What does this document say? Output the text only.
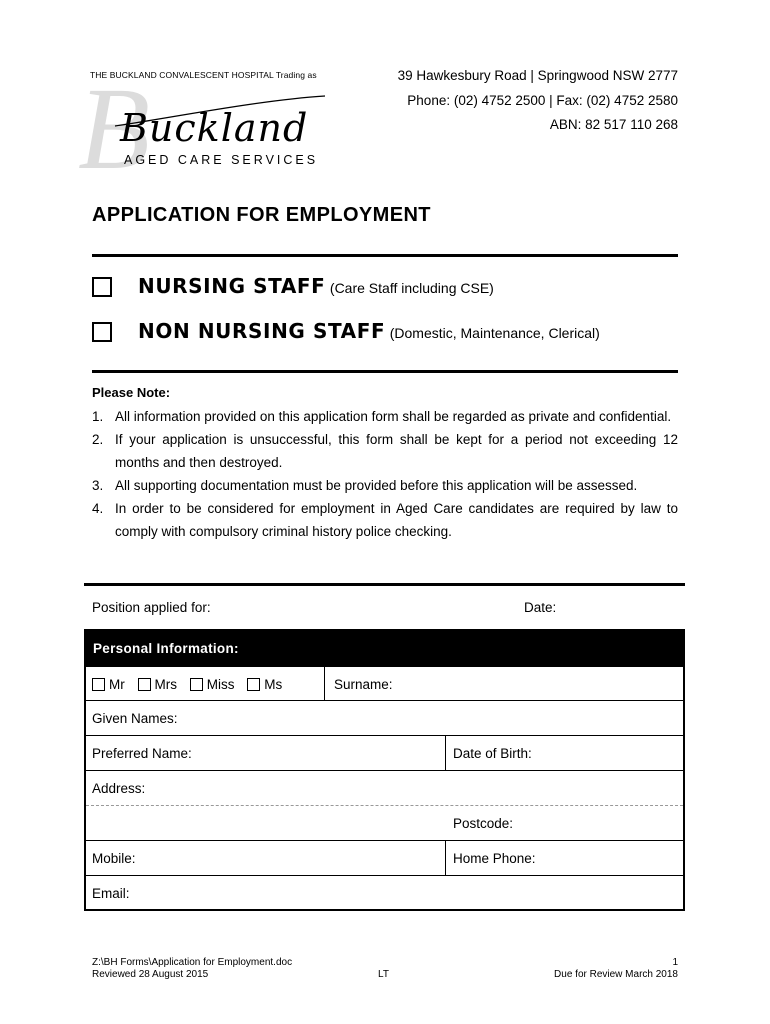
THE BUCKLAND CONVALESCENT HOSPITAL Trading as
B
Buckland
AGED CARE SERVICES
39 Hawkesbury Road | Springwood NSW 2777
Phone: (02) 4752 2500 | Fax: (02) 4752 2580
ABN: 82 517 110 268
APPLICATION FOR EMPLOYMENT
NURSING STAFF (Care Staff including CSE)
NON NURSING STAFF (Domestic, Maintenance, Clerical)
Please Note:
1. All information provided on this application form shall be regarded as private and confidential.
2. If your application is unsuccessful, this form shall be kept for a period not exceeding 12 months and then destroyed.
3. All supporting documentation must be provided before this application will be assessed.
4. In order to be considered for employment in Aged Care candidates are required by law to comply with compulsory criminal history police checking.
Position applied for:	Date:
Personal Information:
Mr Mrs Miss Ms	Surname:
Given Names:
Preferred Name:	Date of Birth:
Address:
Postcode:
Mobile:	Home Phone:
Email:
Z:\BH Forms\Application for Employment.doc
Reviewed 28 August 2015	LT
1
Due for Review March 2018
